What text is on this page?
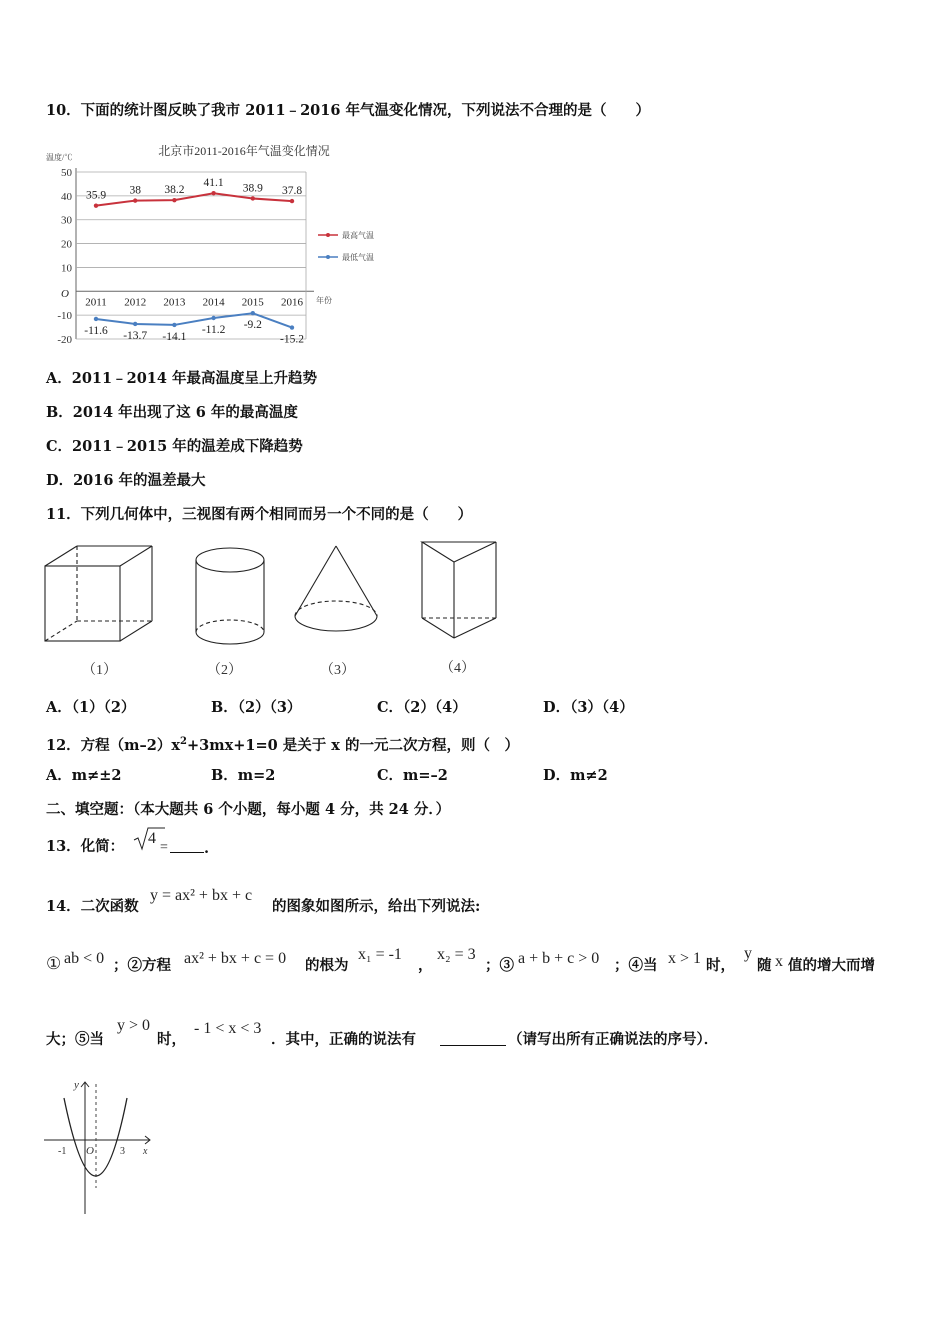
10．下面的统计图反映了我市 2011﹣2016 年气温变化情况，下列说法不合理的是（　　）
北京市2011-2016年气温变化情况
温度/℃
年份
O
50
40
30
20
10
-10
-20
2011 2012 2013 2014 2015 2016
35.9 38 38.2
41.1 38.9 37.8
-11.6 -13.7 -14.1
-11.2 -9.2
-15.2
最高气温
最低气温
A．2011﹣2014 年最高温度呈上升趋势
B．2014 年出现了这 6 年的最高温度
C．2011﹣2015 年的温差成下降趋势
D．2016 年的温差最大
11．下列几何体中，三视图有两个相同而另一个不同的是（　　）
（1）	（2）	（3）	（4）
A．（1）（2）	B．（2）（3）	C．（2）（4）	D．（3）（4）
12．方程$(m-2)x^2+3mx+1=0$ 是关于 x 的一元二次方程，则（　）
A．m≠±2	B．m=2	C．m=–2	D．m≠2
二、填空题：（本大题共 6 个小题，每小题 4 分，共 24 分．）
13．化简： 4
=	.
14．二次函数
y = ax² + bx + c
的图象如图所示，给出下列说法:
① ab < 0 ；②方程 ax² + bx + c = 0 的根为
x₁ = -1
，
x₂ = 3
；③ a + b + c > 0 ；④当 x > 1 时，
y
随 x 值的增大而增
大；⑤当
y > 0
时，
- 1 < x < 3
．其中，正确的说法有	（请写出所有正确说法的序号）．
y
x
O
-1	3
